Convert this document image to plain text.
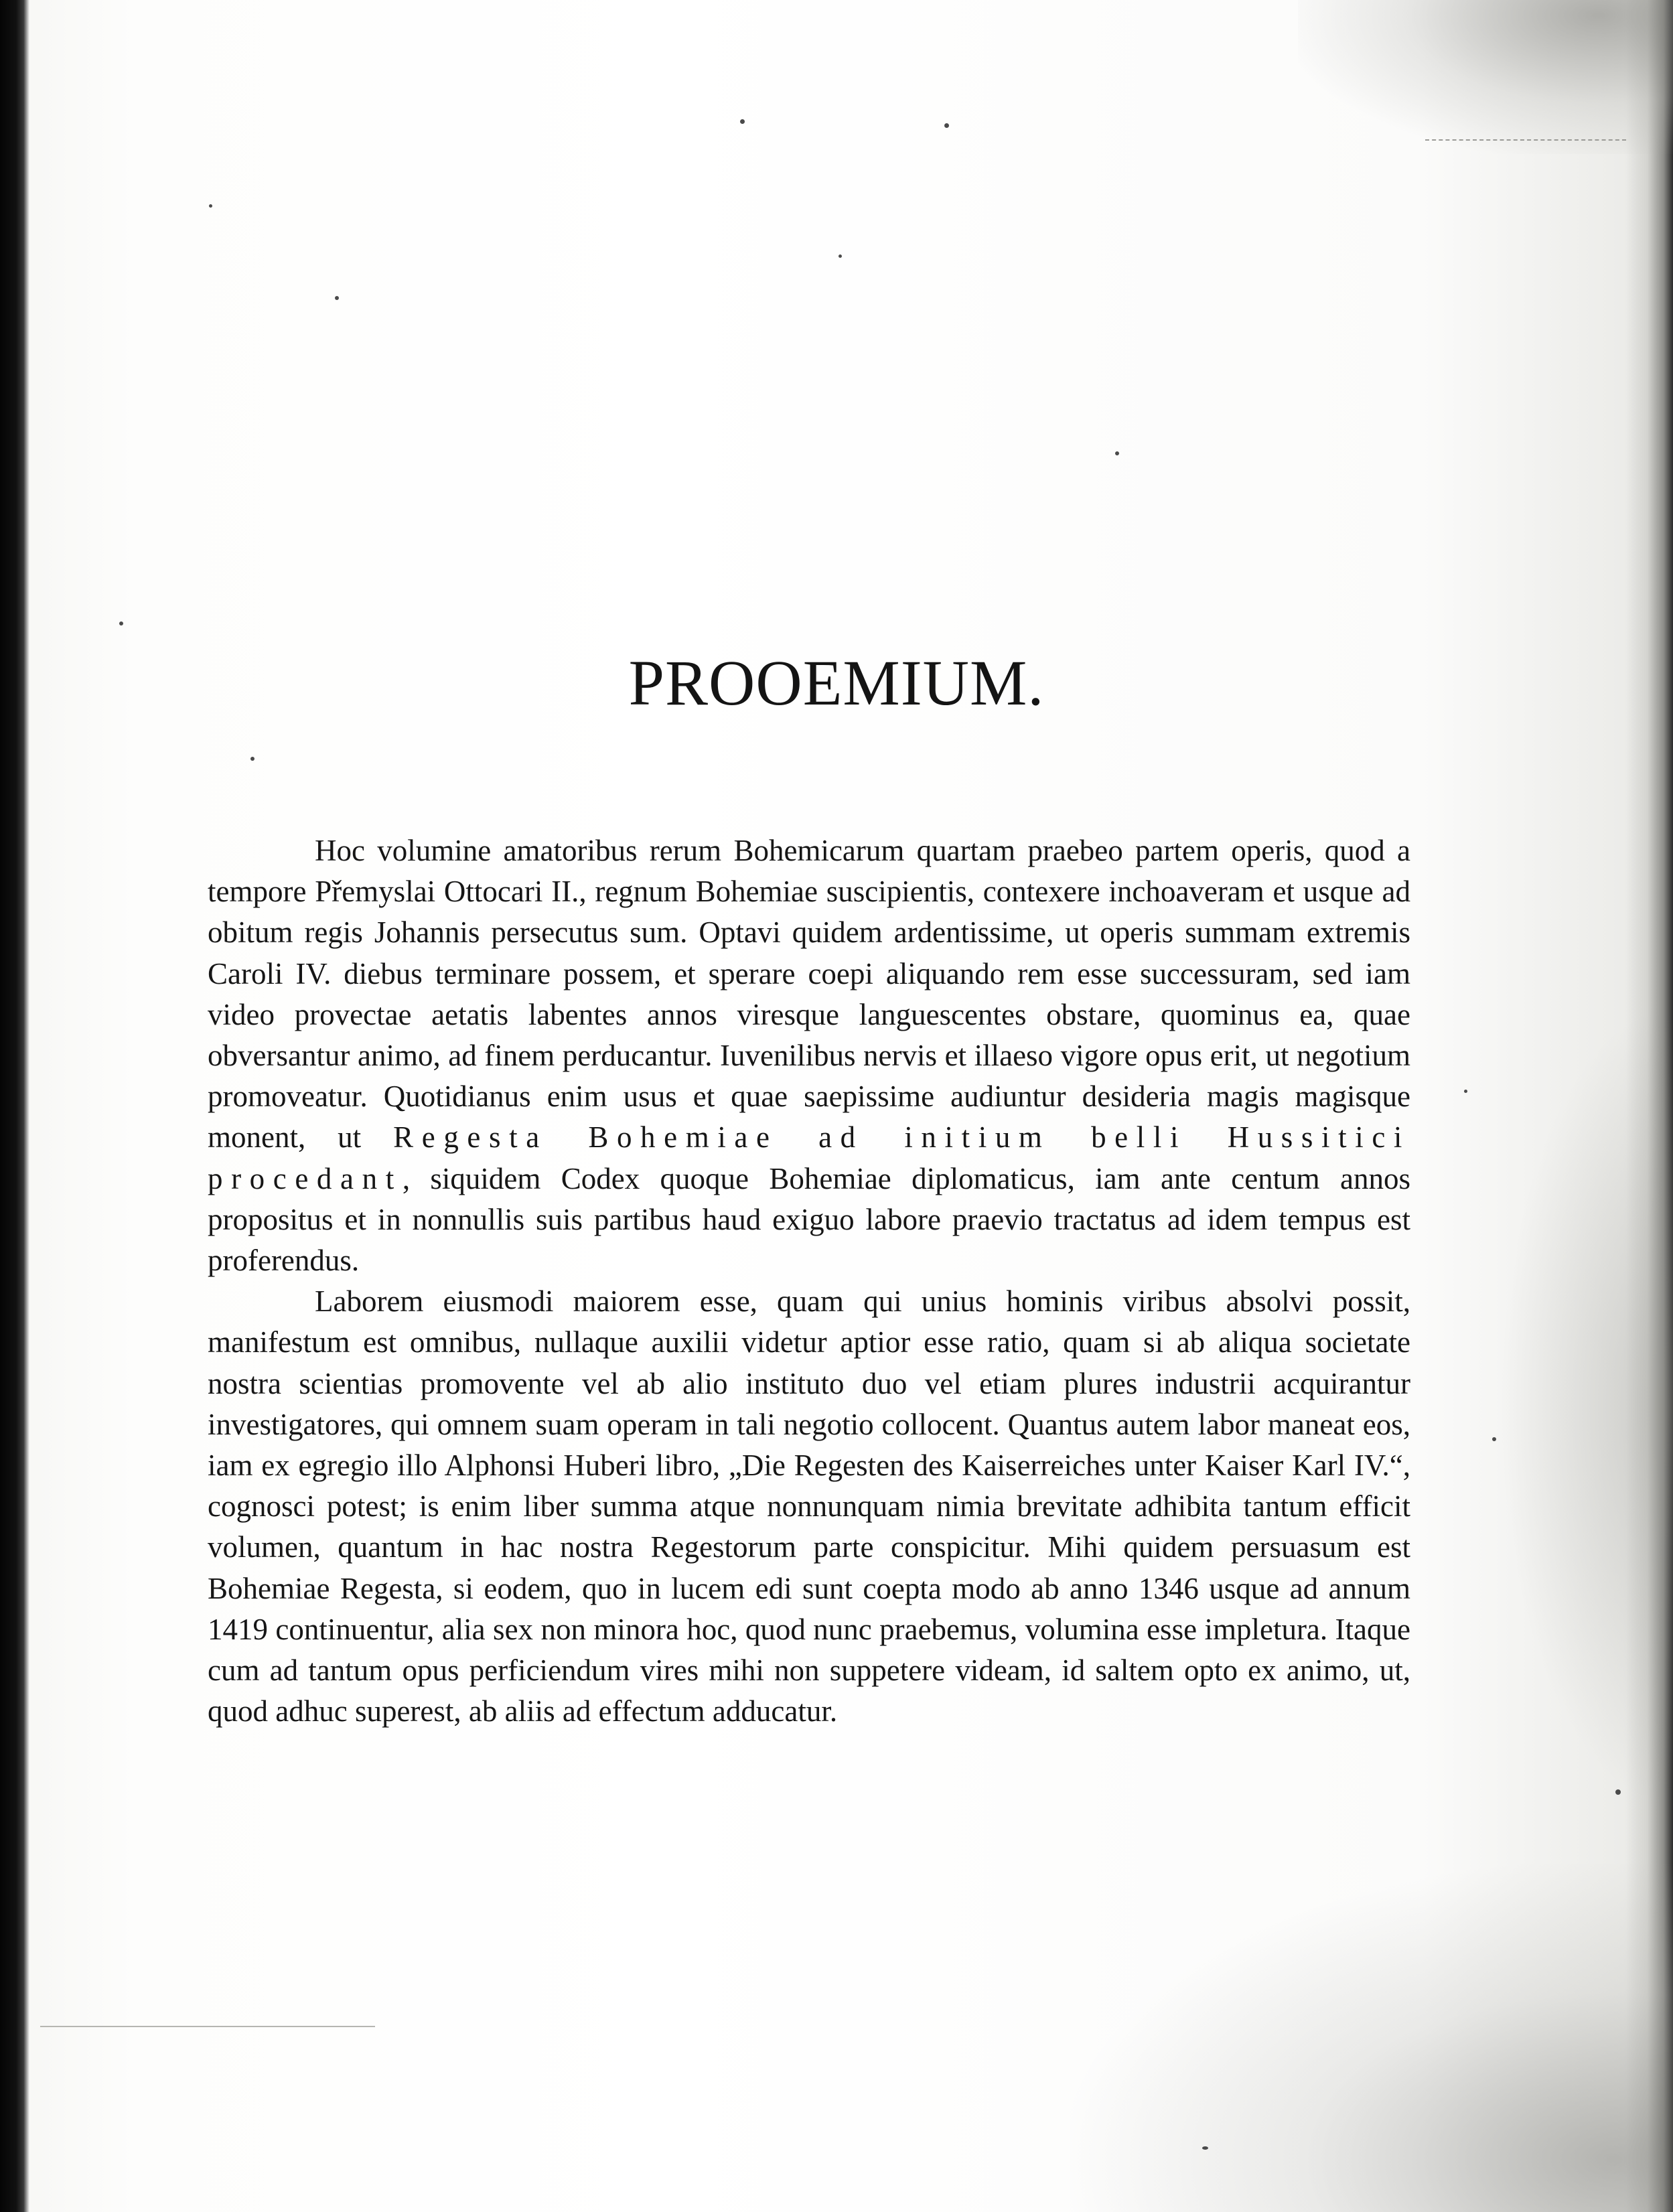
PROOEMIUM.

Hoc volumine amatoribus rerum Bohemicarum quartam praebeo partem operis, quod a tempore Přemyslai Ottocari II., regnum Bohemiae suscipientis, contexere inchoaveram et usque ad obitum regis Johannis persecutus sum. Optavi quidem ardentissime, ut operis summam extremis Caroli IV. diebus terminare possem, et sperare coepi aliquando rem esse successuram, sed iam video provectae aetatis labentes annos viresque languescentes obstare, quominus ea, quae obversantur animo, ad finem perducantur. Iuvenilibus nervis et illaeso vigore opus erit, ut negotium promoveatur. Quotidianus enim usus et quae saepissime audiuntur desideria magis magisque monent, ut Regesta Bohemiae ad initium belli Hussitici procedant, siquidem Codex quoque Bohemiae diplomaticus, iam ante centum annos propositus et in nonnullis suis partibus haud exiguo labore praevio tractatus ad idem tempus est proferendus.

Laborem eiusmodi maiorem esse, quam qui unius hominis viribus absolvi possit, manifestum est omnibus, nullaque auxilii videtur aptior esse ratio, quam si ab aliqua societate nostra scientias promovente vel ab alio instituto duo vel etiam plures industrii acquirantur investigatores, qui omnem suam operam in tali negotio collocent. Quantus autem labor maneat eos, iam ex egregio illo Alphonsi Huberi libro, „Die Regesten des Kaiserreiches unter Kaiser Karl IV.“, cognosci potest; is enim liber summa atque nonnunquam nimia brevitate adhibita tantum efficit volumen, quantum in hac nostra Regestorum parte conspicitur. Mihi quidem persuasum est Bohemiae Regesta, si eodem, quo in lucem edi sunt coepta modo ab anno 1346 usque ad annum 1419 continuentur, alia sex non minora hoc, quod nunc praebemus, volumina esse impletura. Itaque cum ad tantum opus perficiendum vires mihi non suppetere videam, id saltem opto ex animo, ut, quod adhuc superest, ab aliis ad effectum adducatur.
